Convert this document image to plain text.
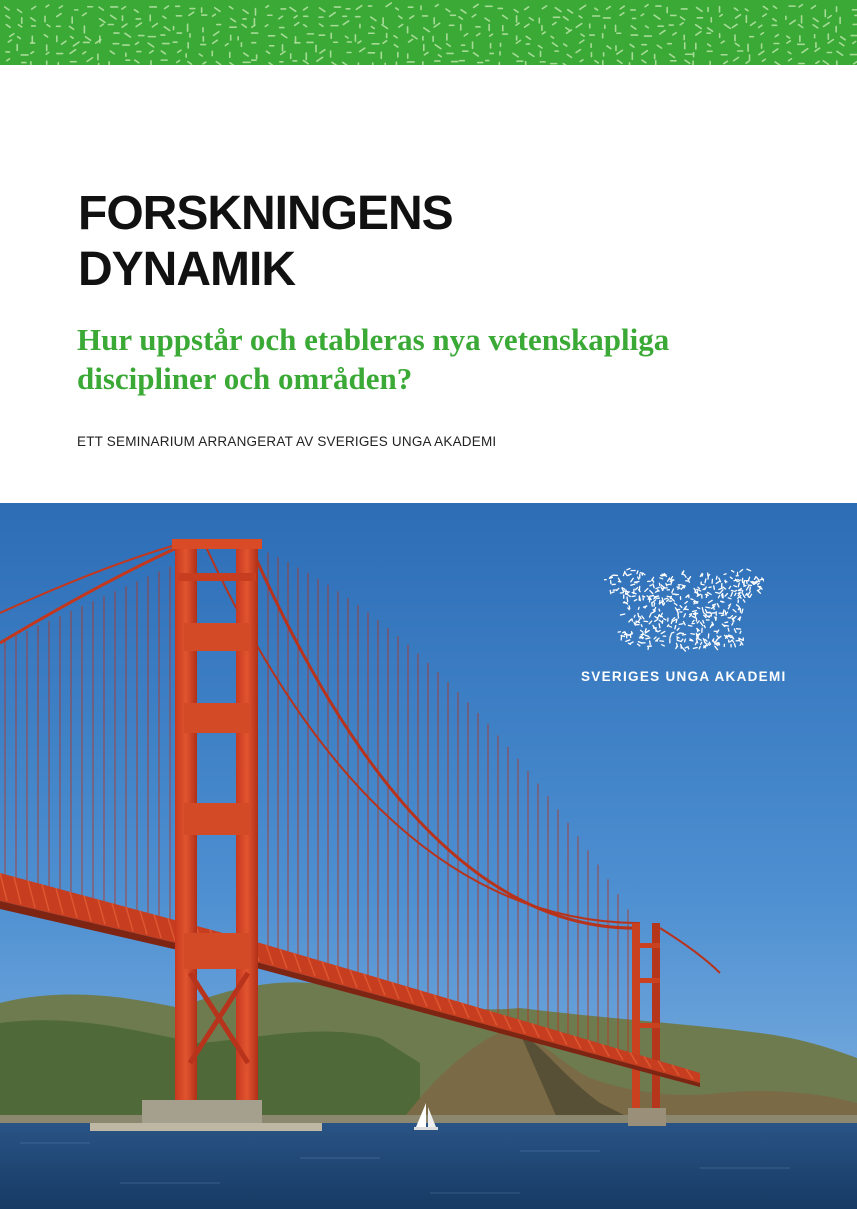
FORSKNINGENS
DYNAMIK
Hur uppstår och etableras nya vetenskapliga
discipliner och områden?
ETT SEMINARIUM ARRANGERAT AV SVERIGES UNGA AKADEMI
SVERIGES UNGA AKADEMI
